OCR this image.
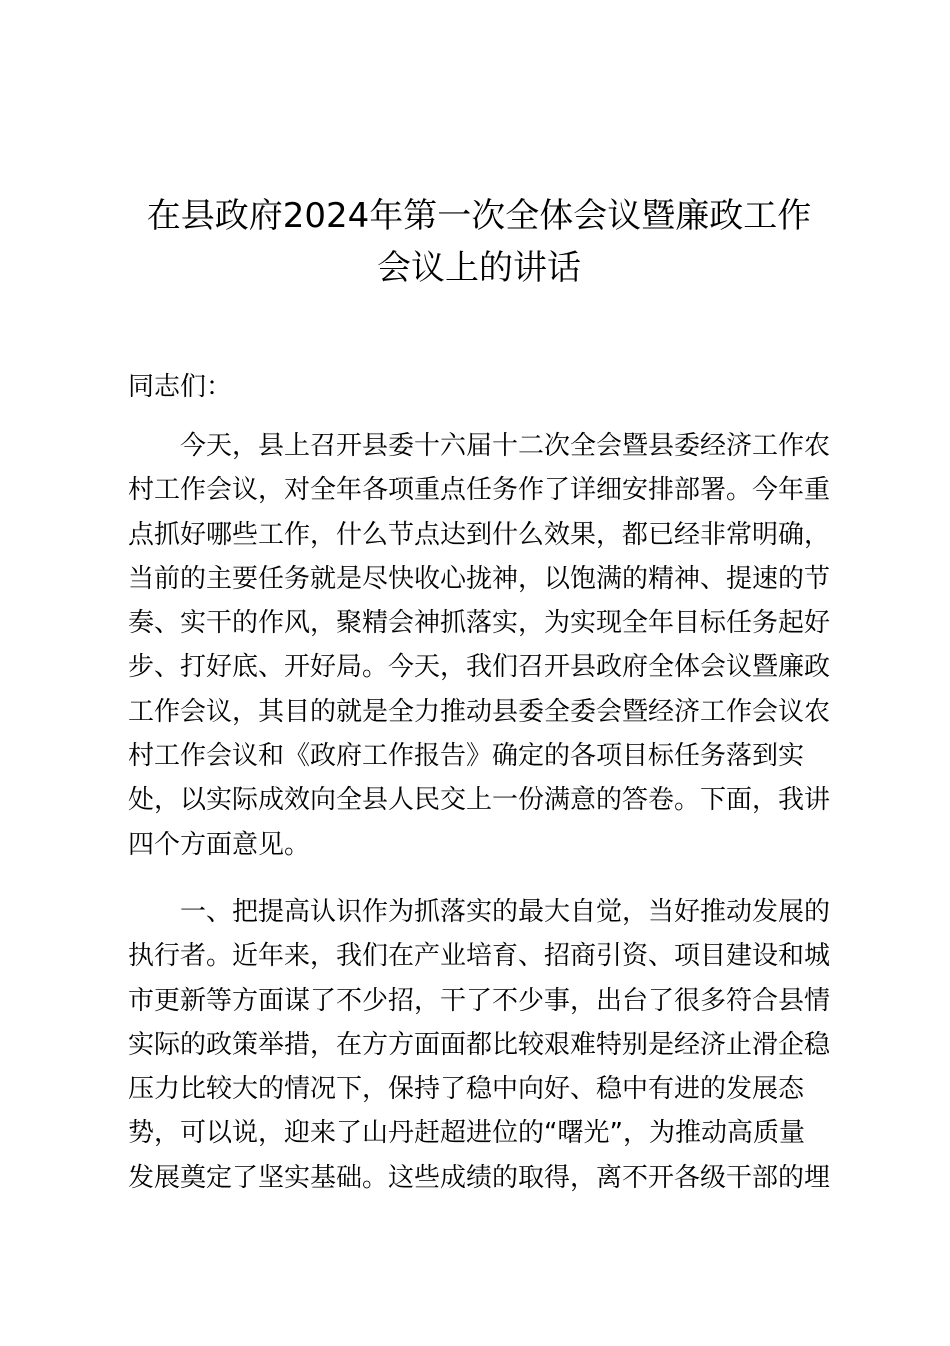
在县政府2024年第一次全体会议暨廉政工作
会议上的讲话
同志们：
今天，县上召开县委十六届十二次全会暨县委经济工作农
村工作会议，对全年各项重点任务作了详细安排部署。今年重
点抓好哪些工作，什么节点达到什么效果，都已经非常明确，
当前的主要任务就是尽快收心拢神，以饱满的精神、提速的节
奏、实干的作风，聚精会神抓落实，为实现全年目标任务起好
步、打好底、开好局。今天，我们召开县政府全体会议暨廉政
工作会议，其目的就是全力推动县委全委会暨经济工作会议农
村工作会议和《政府工作报告》确定的各项目标任务落到实
处，以实际成效向全县人民交上一份满意的答卷。下面，我讲
四个方面意见。
一、把提高认识作为抓落实的最大自觉，当好推动发展的
执行者。近年来，我们在产业培育、招商引资、项目建设和城
市更新等方面谋了不少招，干了不少事，出台了很多符合县情
实际的政策举措，在方方面面都比较艰难特别是经济止滑企稳
压力比较大的情况下，保持了稳中向好、稳中有进的发展态
势，可以说，迎来了山丹赶超进位的“曙光”，为推动高质量
发展奠定了坚实基础。这些成绩的取得，离不开各级干部的埋
